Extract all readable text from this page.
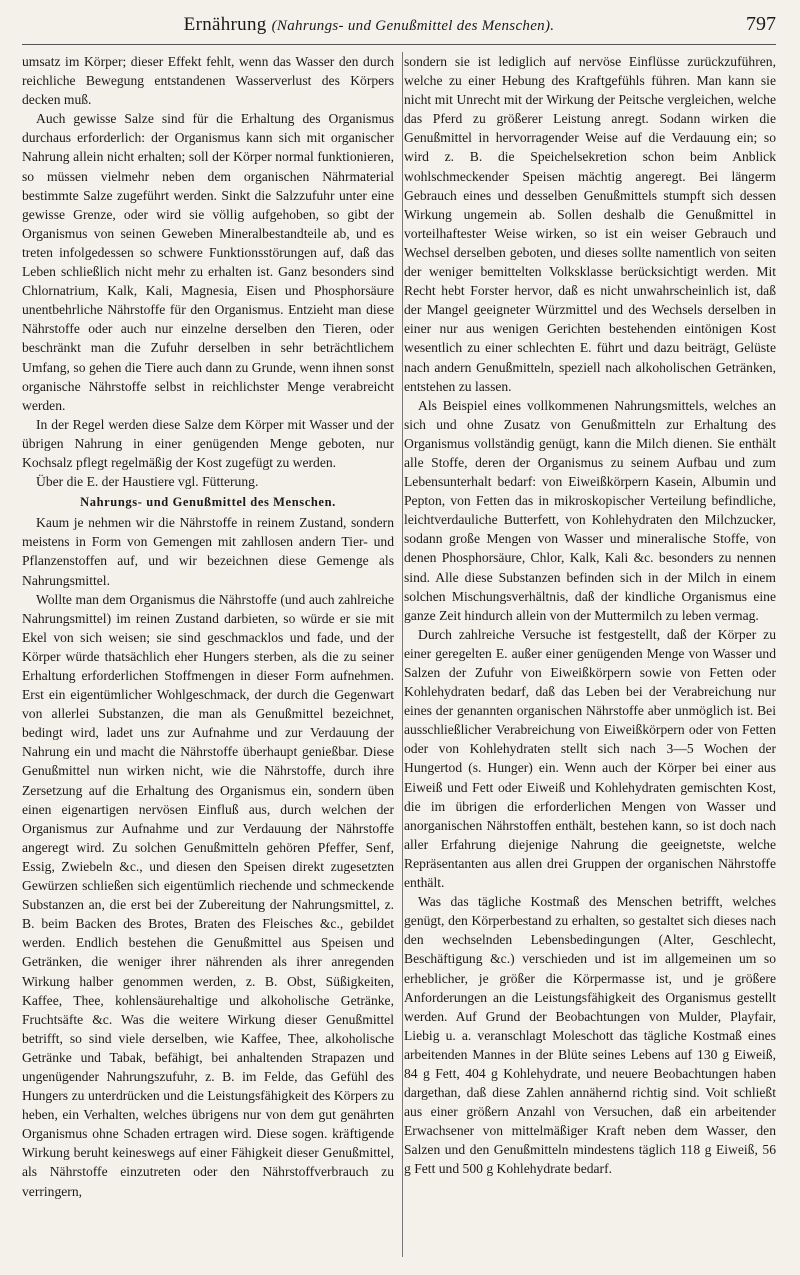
Ernährung (Nahrungs- und Genußmittel des Menschen).	797

umsatz im Körper; dieser Effekt fehlt, wenn das Wasser den durch reichliche Bewegung entstandenen Wasserverlust des Körpers decken muß.

Auch gewisse Salze sind für die Erhaltung des Organismus durchaus erforderlich: der Organismus kann sich mit organischer Nahrung allein nicht erhalten; soll der Körper normal funktionieren, so müssen vielmehr neben dem organischen Nährmaterial bestimmte Salze zugeführt werden. Sinkt die Salzzufuhr unter eine gewisse Grenze, oder wird sie völlig aufgehoben, so gibt der Organismus von seinen Geweben Mineralbestandteile ab, und es treten infolgedessen so schwere Funktionsstörungen auf, daß das Leben schließlich nicht mehr zu erhalten ist. Ganz besonders sind Chlornatrium, Kalk, Kali, Magnesia, Eisen und Phosphorsäure unentbehrliche Nährstoffe für den Organismus. Entzieht man diese Nährstoffe oder auch nur einzelne derselben den Tieren, oder beschränkt man die Zufuhr derselben in sehr beträchtlichem Umfang, so gehen die Tiere auch dann zu Grunde, wenn ihnen sonst organische Nährstoffe selbst in reichlichster Menge verabreicht werden.

In der Regel werden diese Salze dem Körper mit Wasser und der übrigen Nahrung in einer genügenden Menge geboten, nur Kochsalz pflegt regelmäßig der Kost zugefügt zu werden.

Über die E. der Haustiere vgl. Fütterung.

Nahrungs- und Genußmittel des Menschen.

Kaum je nehmen wir die Nährstoffe in reinem Zustand, sondern meistens in Form von Gemengen mit zahllosen andern Tier- und Pflanzenstoffen auf, und wir bezeichnen diese Gemenge als Nahrungsmittel.

Wollte man dem Organismus die Nährstoffe (und auch zahlreiche Nahrungsmittel) im reinen Zustand darbieten, so würde er sie mit Ekel von sich weisen; sie sind geschmacklos und fade, und der Körper würde thatsächlich eher Hungers sterben, als die zu seiner Erhaltung erforderlichen Stoffmengen in dieser Form aufnehmen. Erst ein eigentümlicher Wohlgeschmack, der durch die Gegenwart von allerlei Substanzen, die man als Genußmittel bezeichnet, bedingt wird, ladet uns zur Aufnahme und zur Verdauung der Nahrung ein und macht die Nährstoffe überhaupt genießbar. Diese Genußmittel nun wirken nicht, wie die Nährstoffe, durch ihre Zersetzung auf die Erhaltung des Organismus ein, sondern üben einen eigenartigen nervösen Einfluß aus, durch welchen der Organismus zur Aufnahme und zur Verdauung der Nährstoffe angeregt wird. Zu solchen Genußmitteln gehören Pfeffer, Senf, Essig, Zwiebeln &c., und diesen den Speisen direkt zugesetzten Gewürzen schließen sich eigentümlich riechende und schmeckende Substanzen an, die erst bei der Zubereitung der Nahrungsmittel, z. B. beim Backen des Brotes, Braten des Fleisches &c., gebildet werden. Endlich bestehen die Genußmittel aus Speisen und Getränken, die weniger ihrer nährenden als ihrer anregenden Wirkung halber genommen werden, z. B. Obst, Süßigkeiten, Kaffee, Thee, kohlensäurehaltige und alkoholische Getränke, Fruchtsäfte &c. Was die weitere Wirkung dieser Genußmittel betrifft, so sind viele derselben, wie Kaffee, Thee, alkoholische Getränke und Tabak, befähigt, bei anhaltenden Strapazen und ungenügender Nahrungszufuhr, z. B. im Felde, das Gefühl des Hungers zu unterdrücken und die Leistungsfähigkeit des Körpers zu heben, ein Verhalten, welches übrigens nur von dem gut genährten Organismus ohne Schaden ertragen wird. Diese sogen. kräftigende Wirkung beruht keineswegs auf einer Fähigkeit dieser Genußmittel, als Nährstoffe einzutreten oder den Nährstoffverbrauch zu verringern,

sondern sie ist lediglich auf nervöse Einflüsse zurückzuführen, welche zu einer Hebung des Kraftgefühls führen. Man kann sie nicht mit Unrecht mit der Wirkung der Peitsche vergleichen, welche das Pferd zu größerer Leistung anregt. Sodann wirken die Genußmittel in hervorragender Weise auf die Verdauung ein; so wird z. B. die Speichelsekretion schon beim Anblick wohlschmeckender Speisen mächtig angeregt. Bei längerm Gebrauch eines und desselben Genußmittels stumpft sich dessen Wirkung ungemein ab. Sollen deshalb die Genußmittel in vorteilhaftester Weise wirken, so ist ein weiser Gebrauch und Wechsel derselben geboten, und dieses sollte namentlich von seiten der weniger bemittelten Volksklasse berücksichtigt werden. Mit Recht hebt Forster hervor, daß es nicht unwahrscheinlich ist, daß der Mangel geeigneter Würzmittel und des Wechsels derselben in einer nur aus wenigen Gerichten bestehenden eintönigen Kost wesentlich zu einer schlechten E. führt und dazu beiträgt, Gelüste nach andern Genußmitteln, speziell nach alkoholischen Getränken, entstehen zu lassen.

Als Beispiel eines vollkommenen Nahrungsmittels, welches an sich und ohne Zusatz von Genußmitteln zur Erhaltung des Organismus vollständig genügt, kann die Milch dienen. Sie enthält alle Stoffe, deren der Organismus zu seinem Aufbau und zum Lebensunterhalt bedarf: von Eiweißkörpern Kasein, Albumin und Pepton, von Fetten das in mikroskopischer Verteilung befindliche, leichtverdauliche Butterfett, von Kohlehydraten den Milchzucker, sodann große Mengen von Wasser und mineralische Stoffe, von denen Phosphorsäure, Chlor, Kalk, Kali &c. besonders zu nennen sind. Alle diese Substanzen befinden sich in der Milch in einem solchen Mischungsverhältnis, daß der kindliche Organismus eine ganze Zeit hindurch allein von der Muttermilch zu leben vermag.

Durch zahlreiche Versuche ist festgestellt, daß der Körper zu einer geregelten E. außer einer genügenden Menge von Wasser und Salzen der Zufuhr von Eiweißkörpern sowie von Fetten oder Kohlehydraten bedarf, daß das Leben bei der Verabreichung nur eines der genannten organischen Nährstoffe aber unmöglich ist. Bei ausschließlicher Verabreichung von Eiweißkörpern oder von Fetten oder von Kohlehydraten stellt sich nach 3—5 Wochen der Hungertod (s. Hunger) ein. Wenn auch der Körper bei einer aus Eiweiß und Fett oder Eiweiß und Kohlehydraten gemischten Kost, die im übrigen die erforderlichen Mengen von Wasser und anorganischen Nährstoffen enthält, bestehen kann, so ist doch nach aller Erfahrung diejenige Nahrung die geeignetste, welche Repräsentanten aus allen drei Gruppen der organischen Nährstoffe enthält.

Was das tägliche Kostmaß des Menschen betrifft, welches genügt, den Körperbestand zu erhalten, so gestaltet sich dieses nach den wechselnden Lebensbedingungen (Alter, Geschlecht, Beschäftigung &c.) verschieden und ist im allgemeinen um so erheblicher, je größer die Körpermasse ist, und je größere Anforderungen an die Leistungsfähigkeit des Organismus gestellt werden. Auf Grund der Beobachtungen von Mulder, Playfair, Liebig u. a. veranschlagt Moleschott das tägliche Kostmaß eines arbeitenden Mannes in der Blüte seines Lebens auf 130 g Eiweiß, 84 g Fett, 404 g Kohlehydrate, und neuere Beobachtungen haben dargethan, daß diese Zahlen annähernd richtig sind. Voit schließt aus einer größern Anzahl von Versuchen, daß ein arbeitender Erwachsener von mittelmäßiger Kraft neben dem Wasser, den Salzen und den Genußmitteln mindestens täglich 118 g Eiweiß, 56 g Fett und 500 g Kohlehydrate bedarf.
